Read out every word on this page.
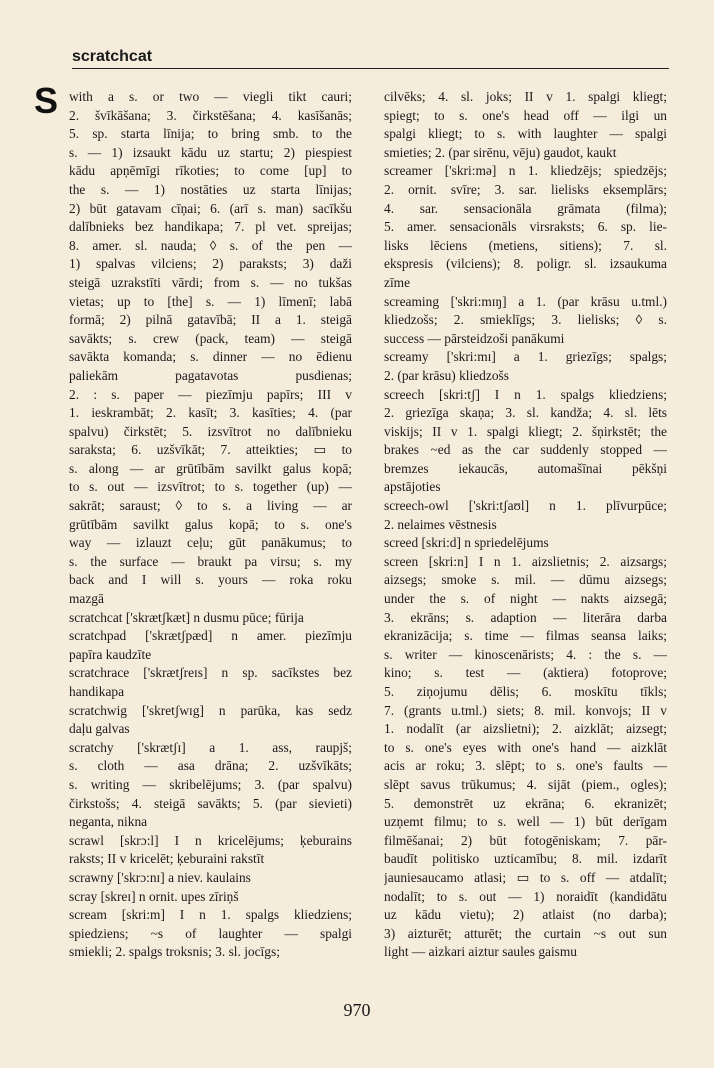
scratchcat
S with a s. or two — viegli tikt cauri;
2. švīkāšana; 3. čirkstēšana; 4. kasīšanās;
5. sp. starta līnija; to bring smb. to the
s. — 1) izsaukt kādu uz startu; 2) piespiest
kādu apņēmīgi rīkoties; to come [up] to
the s. — 1) nostāties uz starta līnijas;
2) būt gatavam cīņai; 6. (arī s. man) sacīkšu
dalībnieks bez handikapa; 7. pl vet. spreijas;
8. amer. sl. nauda; ◊ s. of the pen —
1) spalvas vilciens; 2) paraksts; 3) daži
steigā uzrakstīti vārdi; from s. — no tukšas
vietas; up to [the] s. — 1) līmenī; labā
formā; 2) pilnā gatavībā; II a 1. steigā
savākts; s. crew (pack, team) — steigā
savākta komanda; s. dinner — no ēdienu
paliekām pagatavotas pusdienas;
2. : s. paper — piezīmju papīrs; III v
1. ieskrambāt; 2. kasīt; 3. kasīties; 4. (par
spalvu) čirkstēt; 5. izsvītrot no dalībnieku
saraksta; 6. uzšvīkāt; 7. atteikties; ▭ to
s. along — ar grūtībām savilkt galus kopā;
to s. out — izsvītrot; to s. together (up) —
sakrāt; saraust; ◊ to s. a living — ar
grūtībām savilkt galus kopā; to s. one's
way — izlauzt ceļu; gūt panākumus; to
s. the surface — braukt pa virsu; s. my
back and I will s. yours — roka roku
mazgā
scratchcat ['skrætʃkæt] n dusmu pūce; fūrija
scratchpad ['skrætʃpæd] n amer. piezīmju
papīra kaudzīte
scratchrace ['skrætʃreɪs] n sp. sacīkstes bez
handikapa
scratchwig ['skretʃwɪg] n parūka, kas sedz
daļu galvas
scratchy ['skrætʃɪ] a 1. ass, raupjš;
s. cloth — asa drāna; 2. uzšvīkāts;
s. writing — skribelējums; 3. (par spalvu)
čirkstošs; 4. steigā savākts; 5. (par sievieti)
neganta, nikna
scrawl [skrɔ:l] I n kricelējums; ķeburains
raksts; II v kricelēt; ķeburaini rakstīt
scrawny ['skrɔ:nɪ] a niev. kaulains
scray [skreɪ] n ornit. upes zīriņš
scream [skri:m] I n 1. spalgs kliedziens;
spiedziens; ~s of laughter — spalgi
smiekli; 2. spalgs troksnis; 3. sl. jocīgs;
cilvēks; 4. sl. joks; II v 1. spalgi kliegt;
spiegt; to s. one's head off — ilgi un
spalgi kliegt; to s. with laughter — spalgi
smieties; 2. (par sirēnu, vēju) gaudot, kaukt
screamer ['skri:mə] n 1. kliedzējs; spiedzējs;
2. ornit. svīre; 3. sar. lielisks eksemplārs;
4. sar. sensacionāla grāmata (filma);
5. amer. sensacionāls virsraksts; 6. sp. lie-
lisks lēciens (metiens, sitiens); 7. sl.
ekspresis (vilciens); 8. poligr. sl. izsaukuma
zīme
screaming ['skri:mɪŋ] a 1. (par krāsu u.tml.)
kliedzošs; 2. smieklīgs; 3. lielisks; ◊ s.
success — pārsteidzoši panākumi
screamy ['skri:mɪ] a 1. griezīgs; spalgs;
2. (par krāsu) kliedzošs
screech [skri:tʃ] I n 1. spalgs kliedziens;
2. griezīga skaņa; 3. sl. kandža; 4. sl. lēts
viskijs; II v 1. spalgi kliegt; 2. šņirkstēt; the
brakes ~ed as the car suddenly stopped —
bremzes iekaucās, automašīnai pēkšņi
apstājoties
screech-owl ['skri:tʃaʊl] n 1. plīvurpūce;
2. nelaimes vēstnesis
screed [skri:d] n spriedelējums
screen [skri:n] I n 1. aizslietnis; 2. aizsargs;
aizsegs; smoke s. mil. — dūmu aizsegs;
under the s. of night — nakts aizsegā;
3. ekrāns; s. adaption — literāra darba
ekranizācija; s. time — filmas seansa laiks;
s. writer — kinoscenārists; 4. : the s. —
kino; s. test — (aktiera) fotoprove;
5. ziņojumu dēlis; 6. moskītu tīkls;
7. (grants u.tml.) siets; 8. mil. konvojs; II v
1. nodalīt (ar aizslietni); 2. aizklāt; aizsegt;
to s. one's eyes with one's hand — aizklāt
acis ar roku; 3. slēpt; to s. one's faults —
slēpt savus trūkumus; 4. sijāt (piem., ogles);
5. demonstrēt uz ekrāna; 6. ekranizēt;
uzņemt filmu; to s. well — 1) būt derīgam
filmēšanai; 2) būt fotogēniskam; 7. pār-
baudīt politisko uzticamību; 8. mil. izdarīt
jauniesaucamo atlasi; ▭ to s. off — atdalīt;
nodalīt; to s. out — 1) noraidīt (kandidātu
uz kādu vietu); 2) atlaist (no darba);
3) aizturēt; atturēt; the curtain ~s out sun
light — aizkari aiztur saules gaismu
970
